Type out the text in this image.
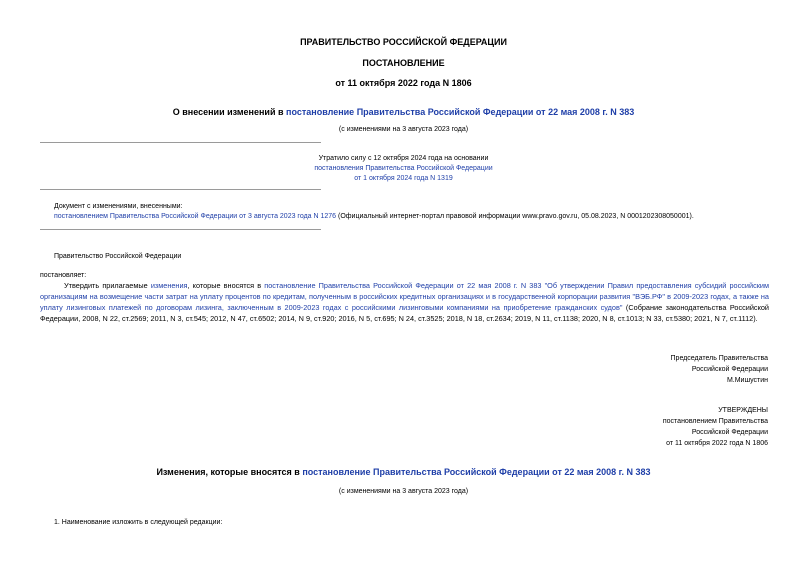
ПРАВИТЕЛЬСТВО РОССИЙСКОЙ ФЕДЕРАЦИИ
ПОСТАНОВЛЕНИЕ
от 11 октября 2022 года N 1806
О внесении изменений в постановление Правительства Российской Федерации от 22 мая 2008 г. N 383
(с изменениями на 3 августа 2023 года)
Утратило силу с 12 октября 2024 года на основании
постановления Правительства Российской Федерации
от 1 октября 2024 года N 1319
Документ с изменениями, внесенными:
постановлением Правительства Российской Федерации от 3 августа 2023 года N 1276 (Официальный интернет-портал правовой информации www.pravo.gov.ru, 05.08.2023, N 0001202308050001).
Правительство Российской Федерации
постановляет:
Утвердить прилагаемые изменения, которые вносятся в постановление Правительства Российской Федерации от 22 мая 2008 г. N 383 "Об утверждении Правил предоставления субсидий российским организациям на возмещение части затрат на уплату процентов по кредитам, полученным в российских кредитных организациях и в государственной корпорации развития "ВЭБ.РФ" в 2009-2023 годах, а также на уплату лизинговых платежей по договорам лизинга, заключенным в 2009-2023 годах с российскими лизинговыми компаниями на приобретение гражданских судов" (Собрание законодательства Российской Федерации, 2008, N 22, ст.2569; 2011, N 3, ст.545; 2012, N 47, ст.6502; 2014, N 9, ст.920; 2016, N 5, ст.695; N 24, ст.3525; 2018, N 18, ст.2634; 2019, N 11, ст.1138; 2020, N 8, ст.1013; N 33, ст.5380; 2021, N 7, ст.1112).
Председатель Правительства
Российской Федерации
М.Мишустин
УТВЕРЖДЕНЫ
постановлением Правительства
Российской Федерации
от 11 октября 2022 года N 1806
Изменения, которые вносятся в постановление Правительства Российской Федерации от 22 мая 2008 г. N 383
(с изменениями на 3 августа 2023 года)
1. Наименование изложить в следующей редакции:
